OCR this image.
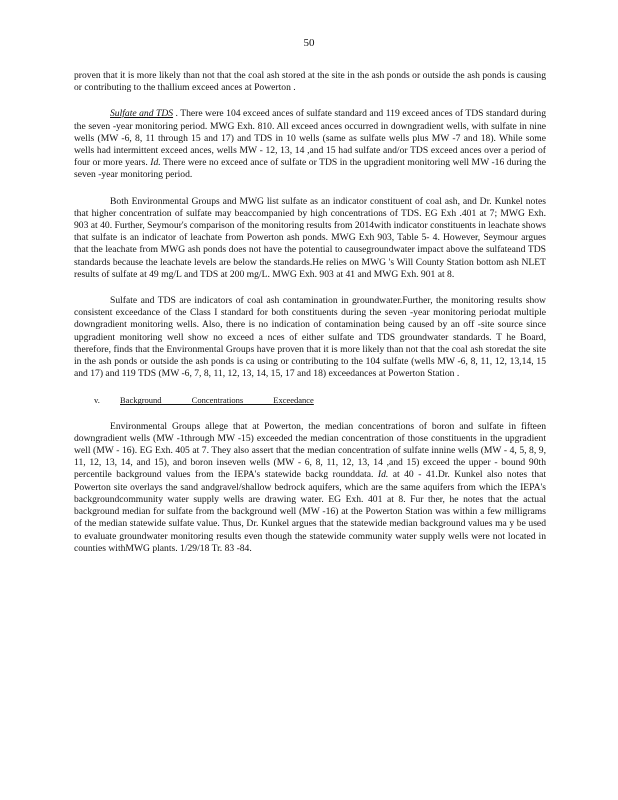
50

proven that it is more likely than not that the coal ash stored at the site in the ash ponds or outside the ash ponds is causing or contributing to the thallium exceed ances at Powerton .

Sulfate and TDS . There were 104 exceed ances of sulfate standard and 119 exceed ances of TDS standard during the seven -year monitoring period. MWG Exh. 810. All exceed ances occurred in downgradient wells, with sulfate in nine wells (MW -6, 8, 11 through 15 and 17) and TDS in 10 wells (same as sulfate wells plus MW -7 and 18). While some wells had intermittent exceed ances, wells MW - 12, 13, 14 ,and 15 had sulfate and/or TDS exceed ances over a period of four or more years. Id. There were no exceed ance of sulfate or TDS in the upgradient monitoring well MW -16 during the seven -year monitoring period.

Both Environmental Groups and MWG list sulfate as an indicator constituent of coal ash, and Dr. Kunkel notes that higher concentration of sulfate may beaccompanied by high concentrations of TDS. EG Exh .401 at 7; MWG Exh. 903 at 40. Further, Seymour's comparison of the monitoring results from 2014with indicator constituents in leachate shows that sulfate is an indicator of leachate from Powerton ash ponds. MWG Exh 903, Table 5- 4. However, Seymour argues that the leachate from MWG ash ponds does not have the potential to causegroundwater impact above the sulfateand TDS standards because the leachate levels are below the standards.He relies on MWG 's Will County Station bottom ash NLET results of sulfate at 49 mg/L and TDS at 200 mg/L. MWG Exh. 903 at 41 and MWG Exh. 901 at 8.

Sulfate and TDS are indicators of coal ash contamination in groundwater.Further, the monitoring results show consistent exceedance of the Class I standard for both constituents during the seven -year monitoring periodat multiple downgradient monitoring wells. Also, there is no indication of contamination being caused by an off -site source since upgradient monitoring well show no exceed a nces of either sulfate and TDS groundwater standards. T he Board, therefore, finds that the Environmental Groups have proven that it is more likely than not that the coal ash storedat the site in the ash ponds or outside the ash ponds is ca using or contributing to the 104 sulfate (wells MW -6, 8, 11, 12, 13,14, 15 and 17) and 119 TDS (MW -6, 7, 8, 11, 12, 13, 14, 15, 17 and 18) exceedances at Powerton Station .

v.	Background Concentrations Exceedance

Environmental Groups allege that at Powerton, the median concentrations of boron and sulfate in fifteen downgradient wells (MW -1through MW -15) exceeded the median concentration of those constituents in the upgradient well (MW - 16). EG Exh. 405 at 7. They also assert that the median concentration of sulfate innine wells (MW - 4, 5, 8, 9, 11, 12, 13, 14, and 15), and boron inseven wells (MW - 6, 8, 11, 12, 13, 14 ,and 15) exceed the upper - bound 90th percentile background values from the IEPA's statewide backg rounddata. Id. at 40 - 41.Dr. Kunkel also notes that Powerton site overlays the sand andgravel/shallow bedrock aquifers, which are the same aquifers from which the IEPA's backgroundcommunity water supply wells are drawing water. EG Exh. 401 at 8. Fur ther, he notes that the actual background median for sulfate from the background well (MW -16) at the Powerton Station was within a few milligrams of the median statewide sulfate value. Thus, Dr. Kunkel argues that the statewide median background values ma y be used to evaluate groundwater monitoring results even though the statewide community water supply wells were not located in counties withMWG plants. 1/29/18 Tr. 83 -84.
